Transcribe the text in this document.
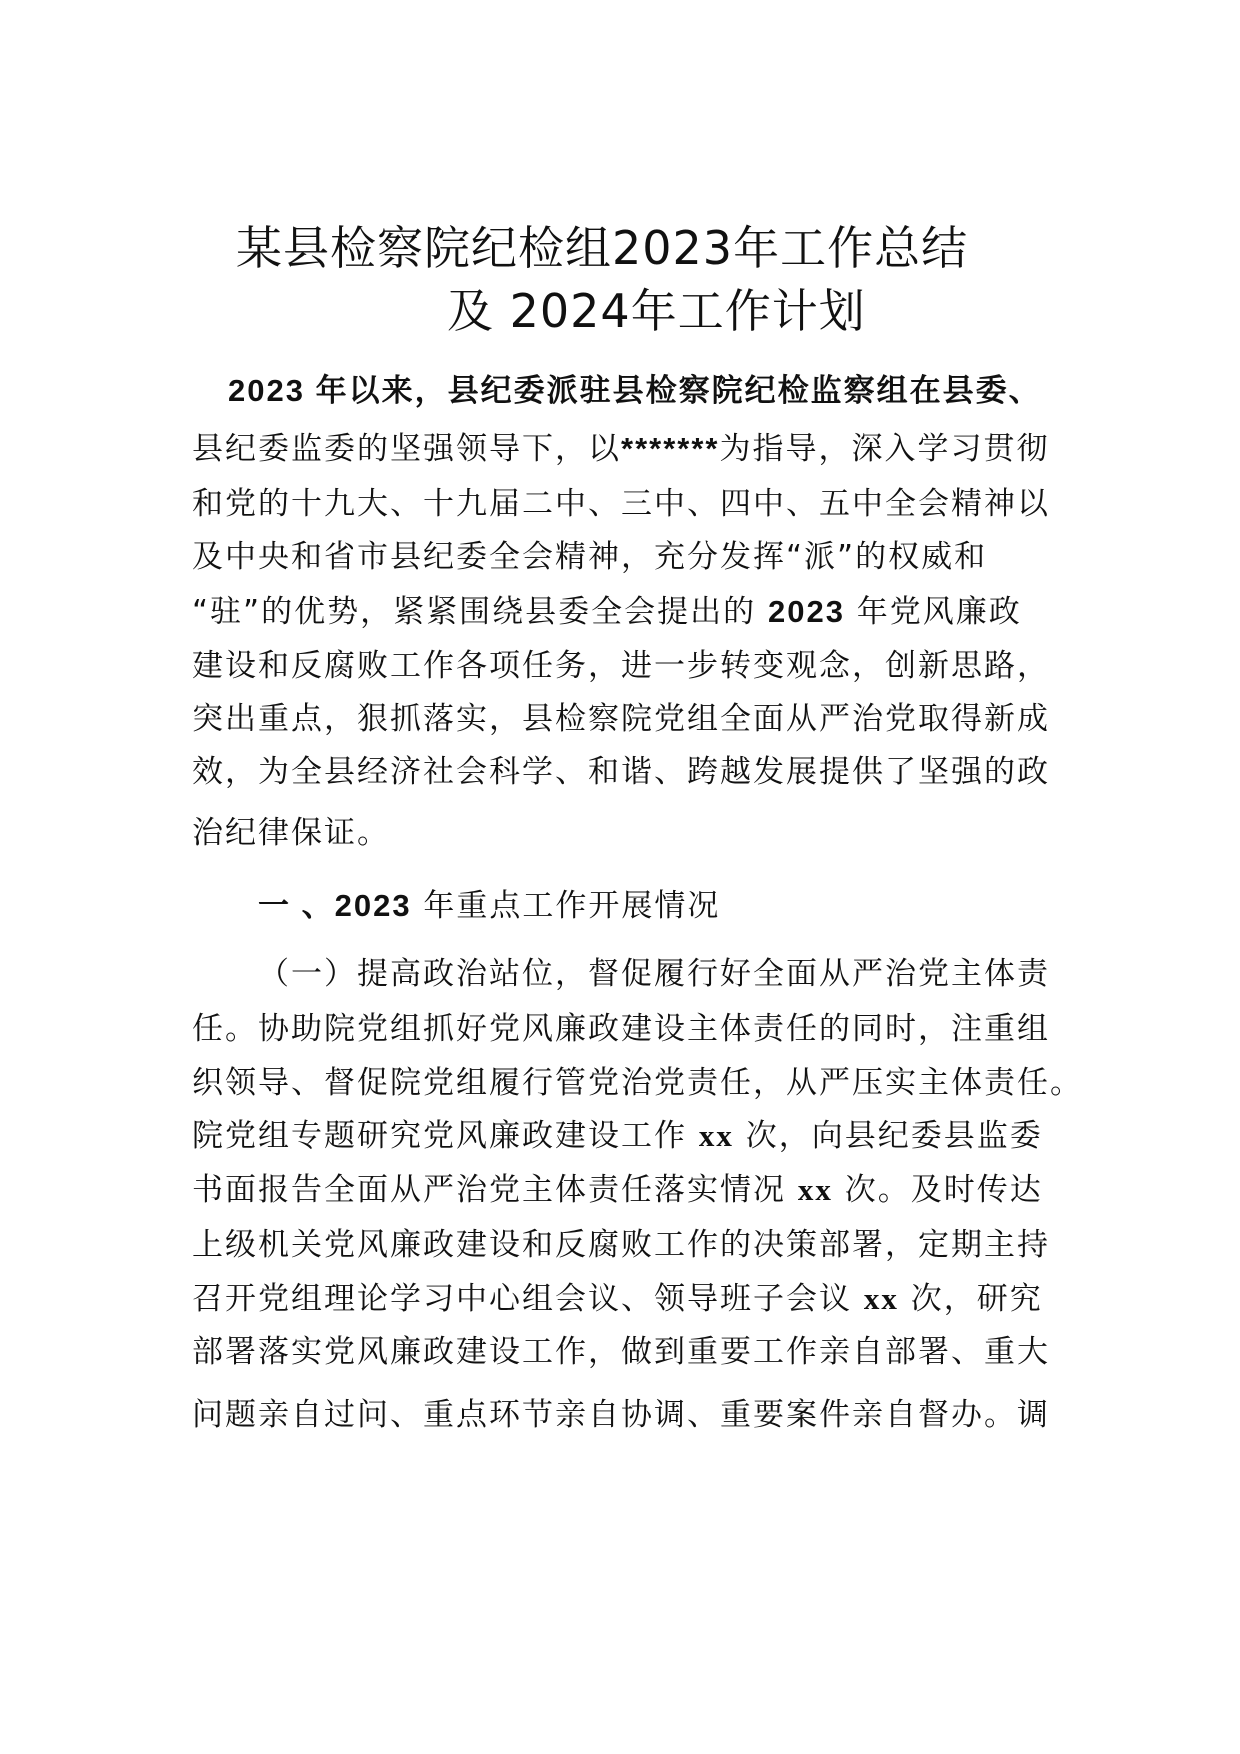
某县检察院纪检组2023年工作总结
及 2024年工作计划

2023 年以来，县纪委派驻县检察院纪检监察组在县委、

县纪委监委的坚强领导下，以*******为指导，深入学习贯彻

和党的十九大、十九届二中、三中、四中、五中全会精神以

及中央和省市县纪委全会精神，充分发挥“派”的权威和

“驻”的优势，紧紧围绕县委全会提出的 2023 年党风廉政

建设和反腐败工作各项任务，进一步转变观念，创新思路，

突出重点，狠抓落实，县检察院党组全面从严治党取得新成

效，为全县经济社会科学、和谐、跨越发展提供了坚强的政

治纪律保证。

一 、2023 年重点工作开展情况

（一）提高政治站位，督促履行好全面从严治党主体责

任。协助院党组抓好党风廉政建设主体责任的同时，注重组

织领导、督促院党组履行管党治党责任，从严压实主体责任。

院党组专题研究党风廉政建设工作 xx 次，向县纪委县监委

书面报告全面从严治党主体责任落实情况 xx 次。及时传达

上级机关党风廉政建设和反腐败工作的决策部署，定期主持

召开党组理论学习中心组会议、领导班子会议 xx 次，研究

部署落实党风廉政建设工作，做到重要工作亲自部署、重大

问题亲自过问、重点环节亲自协调、重要案件亲自督办。调
